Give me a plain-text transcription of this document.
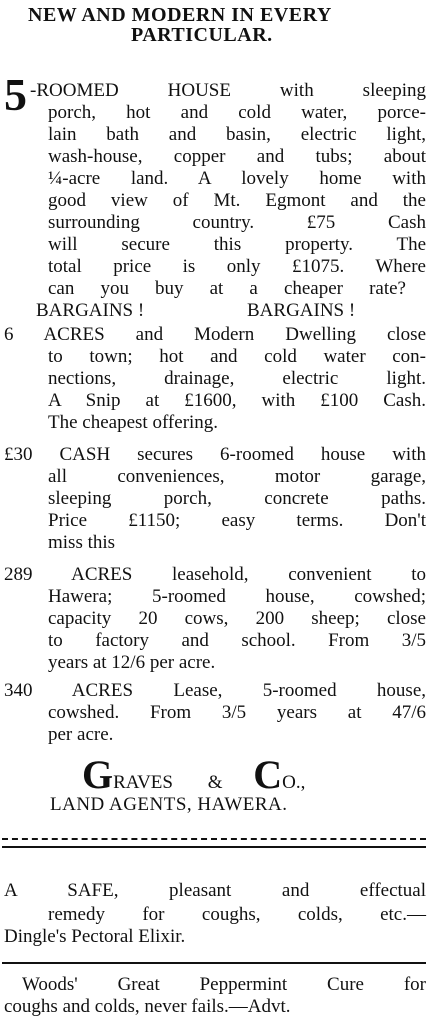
NEW AND MODERN IN EVERY
PARTICULAR.
5 -ROOMED HOUSE with sleeping
porch, hot and cold water, porce-
lain bath and basin, electric light,
wash-house, copper and tubs; about
¼-acre land. A lovely home with
good view of Mt. Egmont and the
surrounding country. £75 Cash
will secure this property. The
total price is only £1075. Where
can you buy at a cheaper rate?
BARGAINS !	BARGAINS !
6 ACRES and Modern Dwelling close
to town; hot and cold water con-
nections, drainage, electric light.
A Snip at £1600, with £100 Cash.
The cheapest offering.
£30 CASH secures 6-roomed house with
all conveniences, motor garage,
sleeping porch, concrete paths.
Price £1150; easy terms. Don't
miss this
289 ACRES leasehold, convenient to
Hawera; 5-roomed house, cowshed;
capacity 20 cows, 200 sheep; close
to factory and school. From 3/5
years at 12/6 per acre.
340 ACRES Lease, 5-roomed house,
cowshed. From 3/5 years at 47/6
per acre.
GRAVES & CO.,
LAND AGENTS, HAWERA.
A SAFE, pleasant and effectual
remedy for coughs, colds, etc.—
Dingle's Pectoral Elixir.
Woods' Great Peppermint Cure for
coughs and colds, never fails.—Advt.
